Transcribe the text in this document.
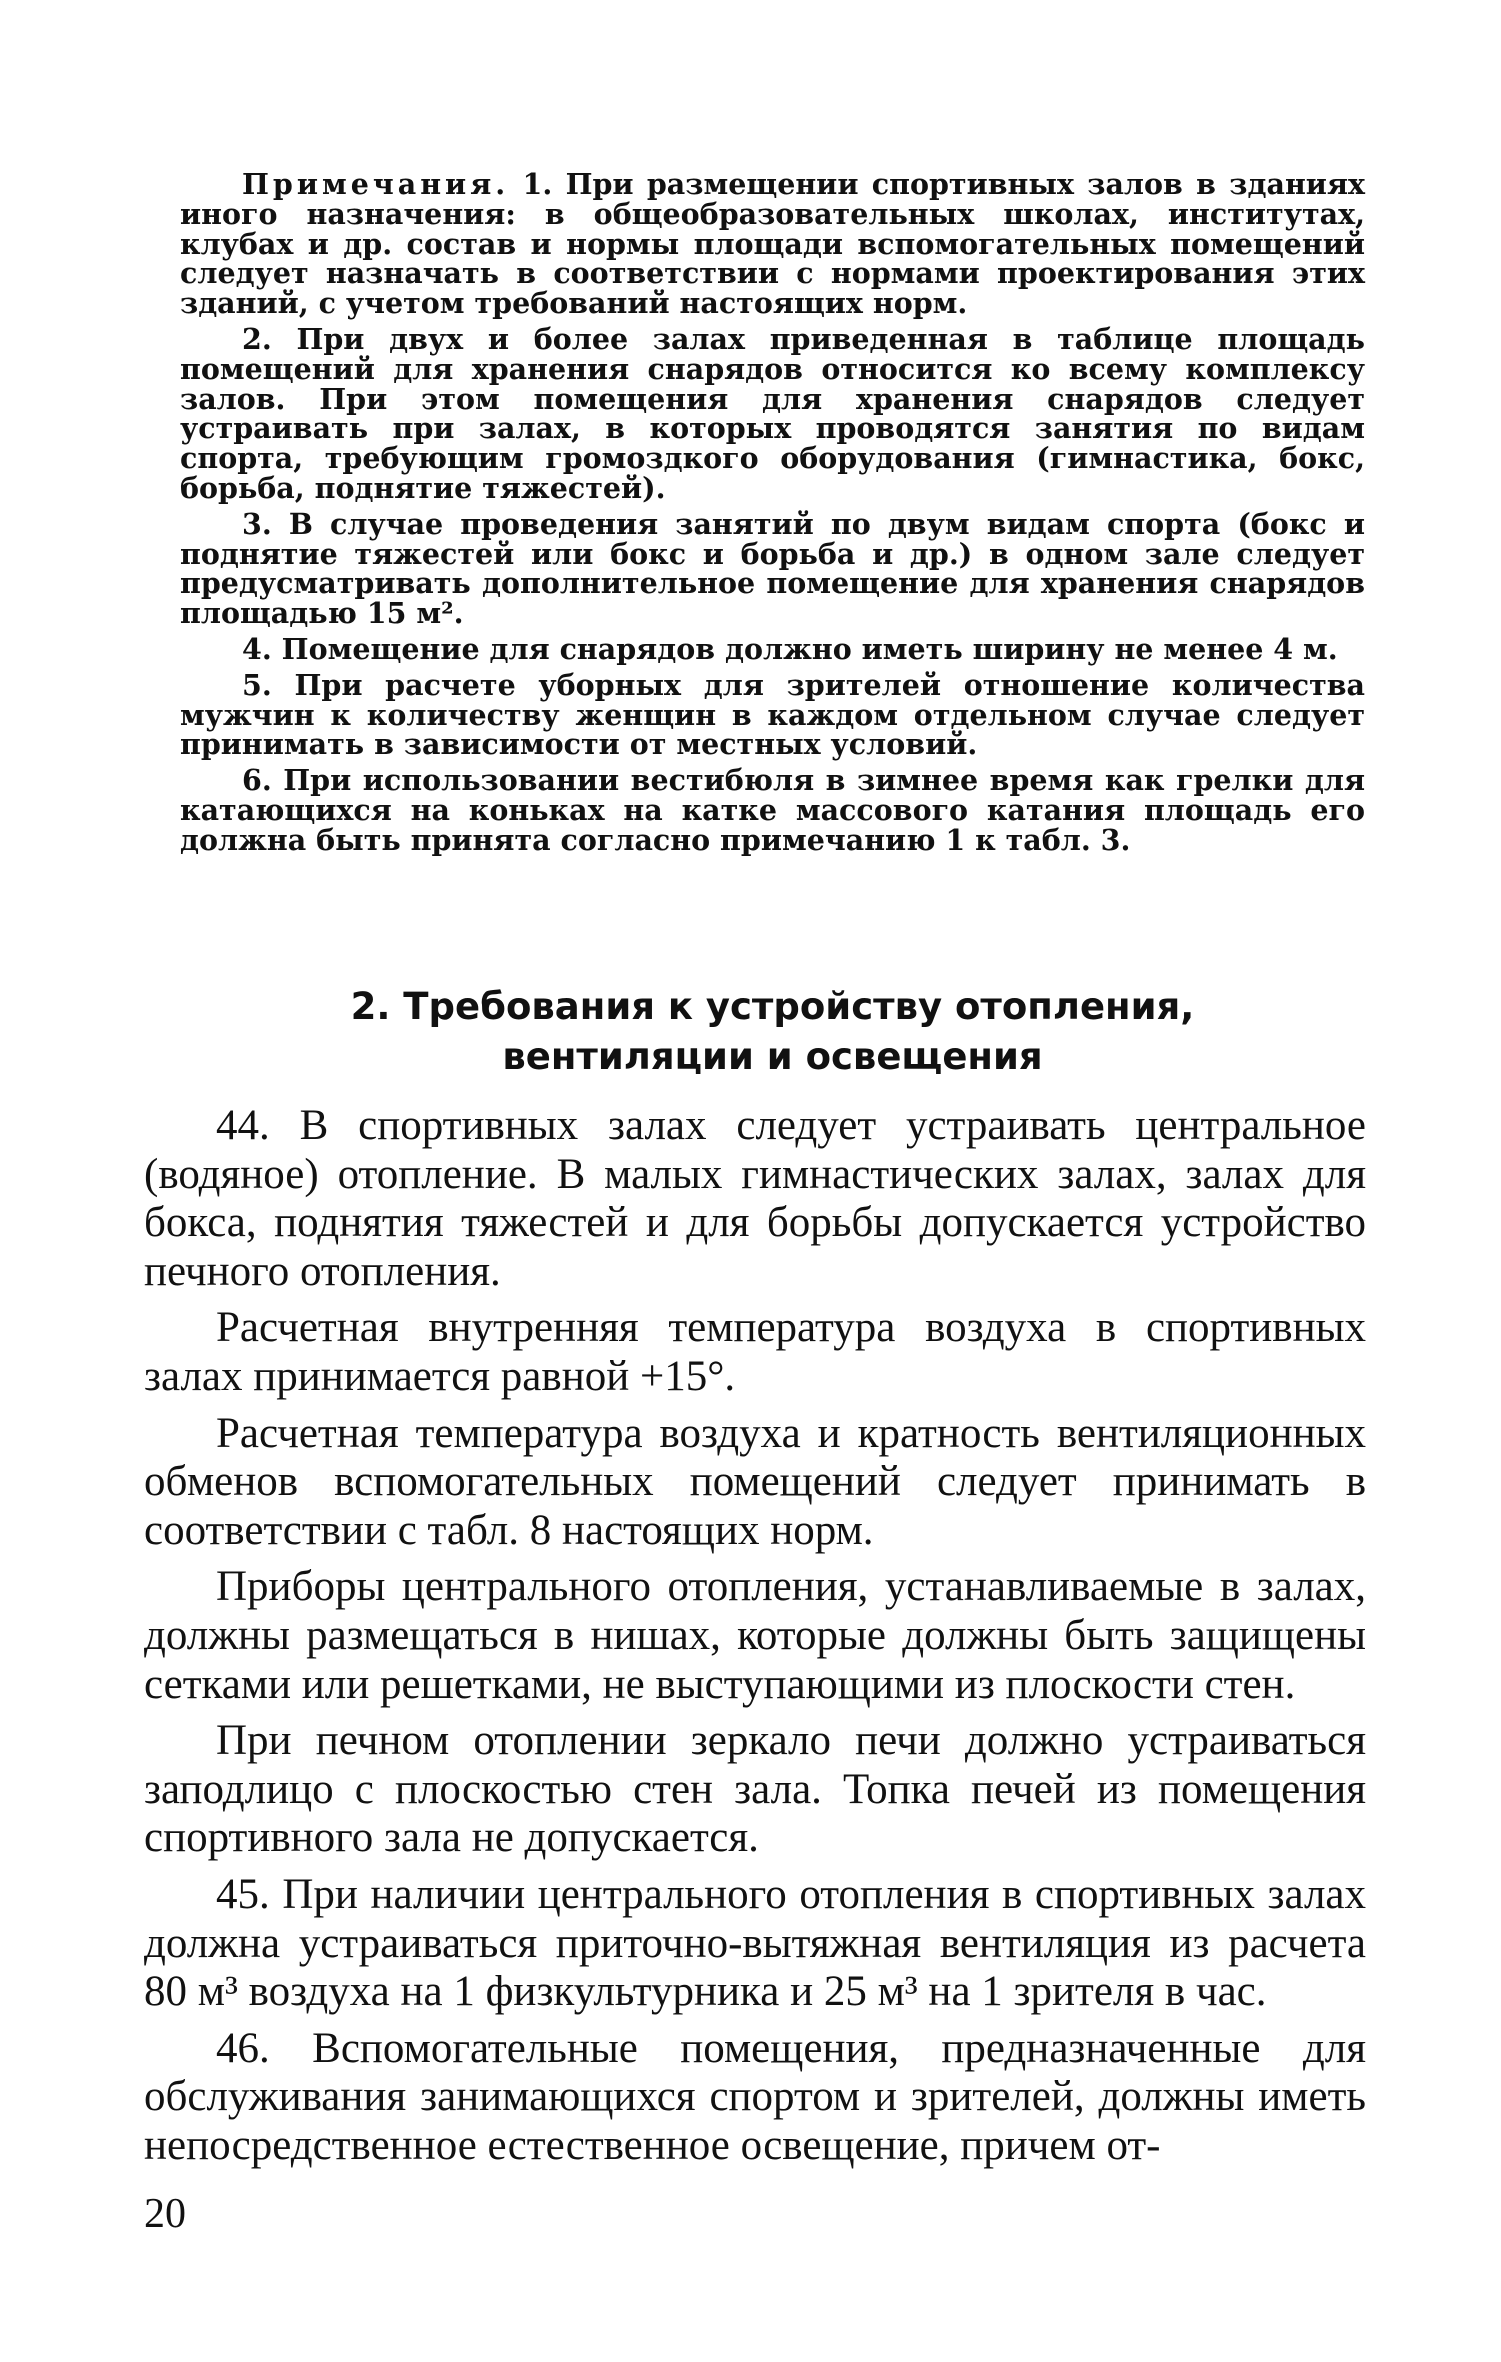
Примечания. 1. При размещении спортивных залов в зданиях иного назначения: в общеобразовательных школах, институтах, клубах и др. состав и нормы площади вспомогательных помещений следует назначать в соответствии с нормами проектирования этих зданий, с учетом требований настоящих норм.

2. При двух и более залах приведенная в таблице площадь помещений для хранения снарядов относится ко всему комплексу залов. При этом помещения для хранения снарядов следует устраивать при залах, в которых проводятся занятия по видам спорта, требующим громоздкого оборудования (гимнастика, бокс, борьба, поднятие тяжестей).

3. В случае проведения занятий по двум видам спорта (бокс и поднятие тяжестей или бокс и борьба и др.) в одном зале следует предусматривать дополнительное помещение для хранения снарядов площадью 15 м².

4. Помещение для снарядов должно иметь ширину не менее 4 м.

5. При расчете уборных для зрителей отношение количества мужчин к количеству женщин в каждом отдельном случае следует принимать в зависимости от местных условий.

6. При использовании вестибюля в зимнее время как грелки для катающихся на коньках на катке массового катания площадь его должна быть принята согласно примечанию 1 к табл. 3.

2. Требования к устройству отопления,
вентиляции и освещения

44. В спортивных залах следует устраивать центральное (водяное) отопление. В малых гимнастических залах, залах для бокса, поднятия тяжестей и для борьбы допускается устройство печного отопления.

Расчетная внутренняя температура воздуха в спортивных залах принимается равной +15°.

Расчетная температура воздуха и кратность вентиляционных обменов вспомогательных помещений следует принимать в соответствии с табл. 8 настоящих норм.

Приборы центрального отопления, устанавливаемые в залах, должны размещаться в нишах, которые должны быть защищены сетками или решетками, не выступающими из плоскости стен.

При печном отоплении зеркало печи должно устраиваться заподлицо с плоскостью стен зала. Топка печей из помещения спортивного зала не допускается.

45. При наличии центрального отопления в спортивных залах должна устраиваться приточно-вытяжная вентиляция из расчета 80 м³ воздуха на 1 физкультурника и 25 м³ на 1 зрителя в час.

46. Вспомогательные помещения, предназначенные для обслуживания занимающихся спортом и зрителей, должны иметь непосредственное естественное освещение, причем от-

20
